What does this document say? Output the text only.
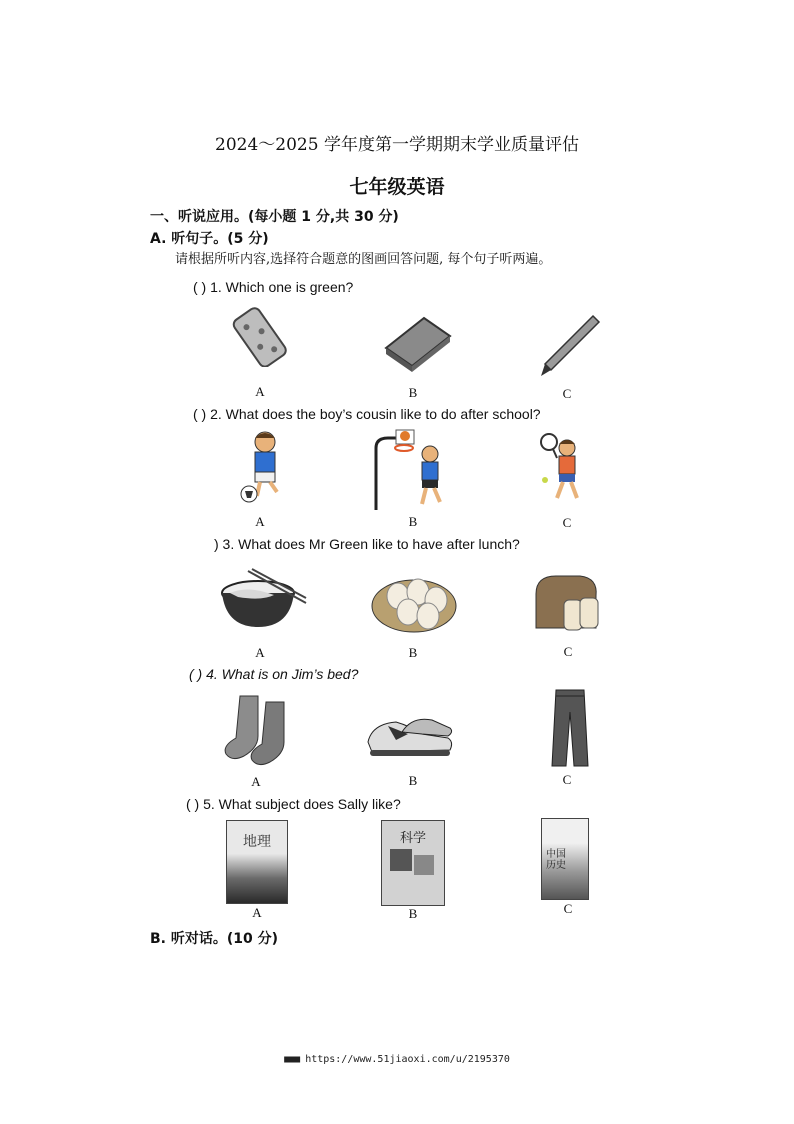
2024～2025 学年度第一学期期末学业质量评估
七年级英语
一、听说应用。(每小题 1 分,共 30 分)
A. 听句子。(5 分)
请根据所听内容,选择符合题意的图画回答问题, 每个句子听两遍。
( ) 1. Which one is green?
A	B	C
( ) 2. What does the boy’s cousin like to do after school?
A	B	C
) 3. What does Mr Green like to have after lunch?
A	B	C
( ) 4. What is on Jim’s bed?
A	B	C
( ) 5. What subject does Sally like?
地理	科学
中国历史
A	B	C
B. 听对话。(10 分)
■■■ https://www.51jiaoxi.com/u/2195370
